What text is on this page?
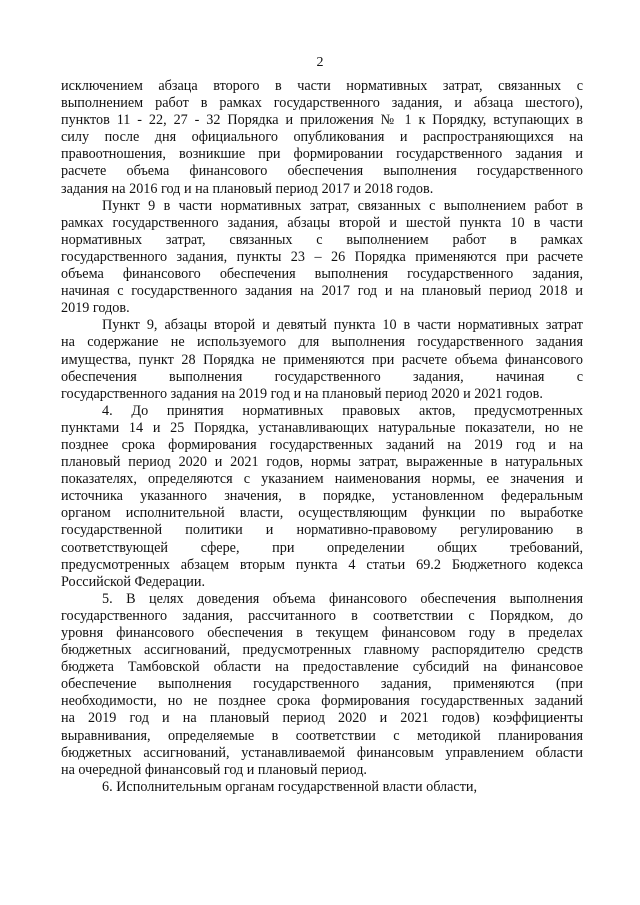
2
исключением абзаца второго в части нормативных затрат, связанных с
выполнением работ в рамках государственного задания, и абзаца шестого),
пунктов 11 - 22, 27 - 32 Порядка и приложения № 1 к Порядку, вступающих в
силу после дня официального опубликования и распространяющихся на
правоотношения, возникшие при формировании государственного задания и
расчете объема финансового обеспечения выполнения государственного
задания на 2016 год и на плановый период 2017 и 2018 годов.
Пункт 9 в части нормативных затрат, связанных с выполнением работ в
рамках государственного задания, абзацы второй и шестой пункта 10 в части
нормативных затрат, связанных с выполнением работ в рамках
государственного задания, пункты 23 – 26 Порядка применяются при расчете
объема финансового обеспечения выполнения государственного задания,
начиная с государственного задания на 2017 год и на плановый период 2018 и
2019 годов.
Пункт 9, абзацы второй и девятый пункта 10 в части нормативных затрат
на содержание не используемого для выполнения государственного задания
имущества, пункт 28 Порядка не применяются при расчете объема финансового
обеспечения выполнения государственного задания, начиная с
государственного задания на 2019 год и на плановый период 2020 и 2021 годов.
4. До принятия нормативных правовых актов, предусмотренных
пунктами 14 и 25 Порядка, устанавливающих натуральные показатели, но не
позднее срока формирования государственных заданий на 2019 год и на
плановый период 2020 и 2021 годов, нормы затрат, выраженные в натуральных
показателях, определяются с указанием наименования нормы, ее значения и
источника указанного значения, в порядке, установленном федеральным
органом исполнительной власти, осуществляющим функции по выработке
государственной политики и нормативно-правовому регулированию в
соответствующей сфере, при определении общих требований,
предусмотренных абзацем вторым пункта 4 статьи 69.2 Бюджетного кодекса
Российской Федерации.
5. В целях доведения объема финансового обеспечения выполнения
государственного задания, рассчитанного в соответствии с Порядком, до
уровня финансового обеспечения в текущем финансовом году в пределах
бюджетных ассигнований, предусмотренных главному распорядителю средств
бюджета Тамбовской области на предоставление субсидий на финансовое
обеспечение выполнения государственного задания, применяются (при
необходимости, но не позднее срока формирования государственных заданий
на 2019 год и на плановый период 2020 и 2021 годов) коэффициенты
выравнивания, определяемые в соответствии с методикой планирования
бюджетных ассигнований, устанавливаемой финансовым управлением области
на очередной финансовый год и плановый период.
6. Исполнительным органам государственной власти области,
